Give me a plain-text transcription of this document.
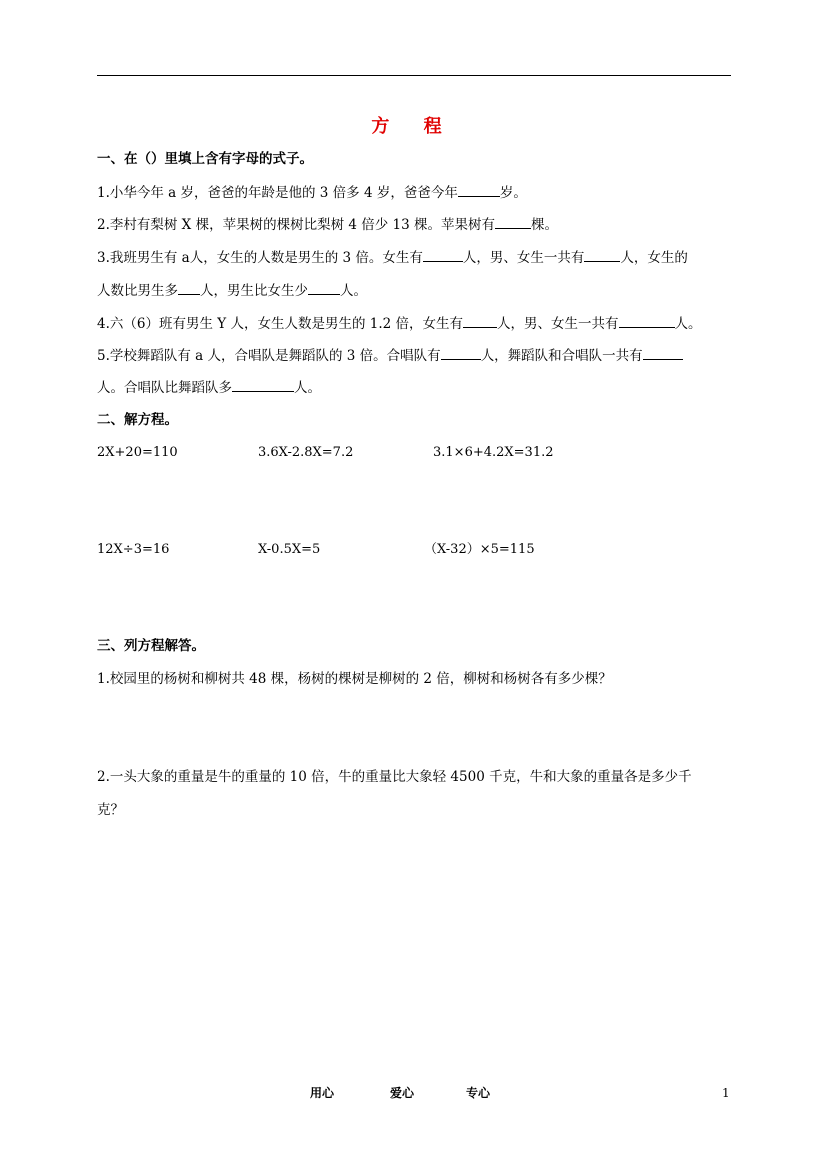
方 程
一、在（）里填上含有字母的式子。
1.小华今年 a 岁，爸爸的年龄是他的 3 倍多 4 岁，爸爸今年	岁。
2.李村有梨树 X 棵，苹果树的棵树比梨树 4 倍少 13 棵。苹果树有	棵。
3.我班男生有 a人，女生的人数是男生的 3 倍。女生有	人，男、女生一共有	人，女生的
人数比男生多 人，男生比女生少 人。
4.六（6）班有男生 Y 人，女生人数是男生的 1.2 倍，女生有	人，男、女生一共有	人。
5.学校舞蹈队有 a 人，合唱队是舞蹈队的 3 倍。合唱队有	人，舞蹈队和合唱队一共有
人。合唱队比舞蹈队多	人。
二、解方程。
2X+20=110	3.6X-2.8X=7.2	3.1×6+4.2X=31.2
12X÷3=16	X-0.5X=5	（X-32）×5=115
三、列方程解答。
1.校园里的杨树和柳树共 48 棵，杨树的棵树是柳树的 2 倍，柳树和杨树各有多少棵？
2.一头大象的重量是牛的重量的 10 倍，牛的重量比大象轻 4500 千克，牛和大象的重量各是多少千
克？
用心	爱心	专心	1
